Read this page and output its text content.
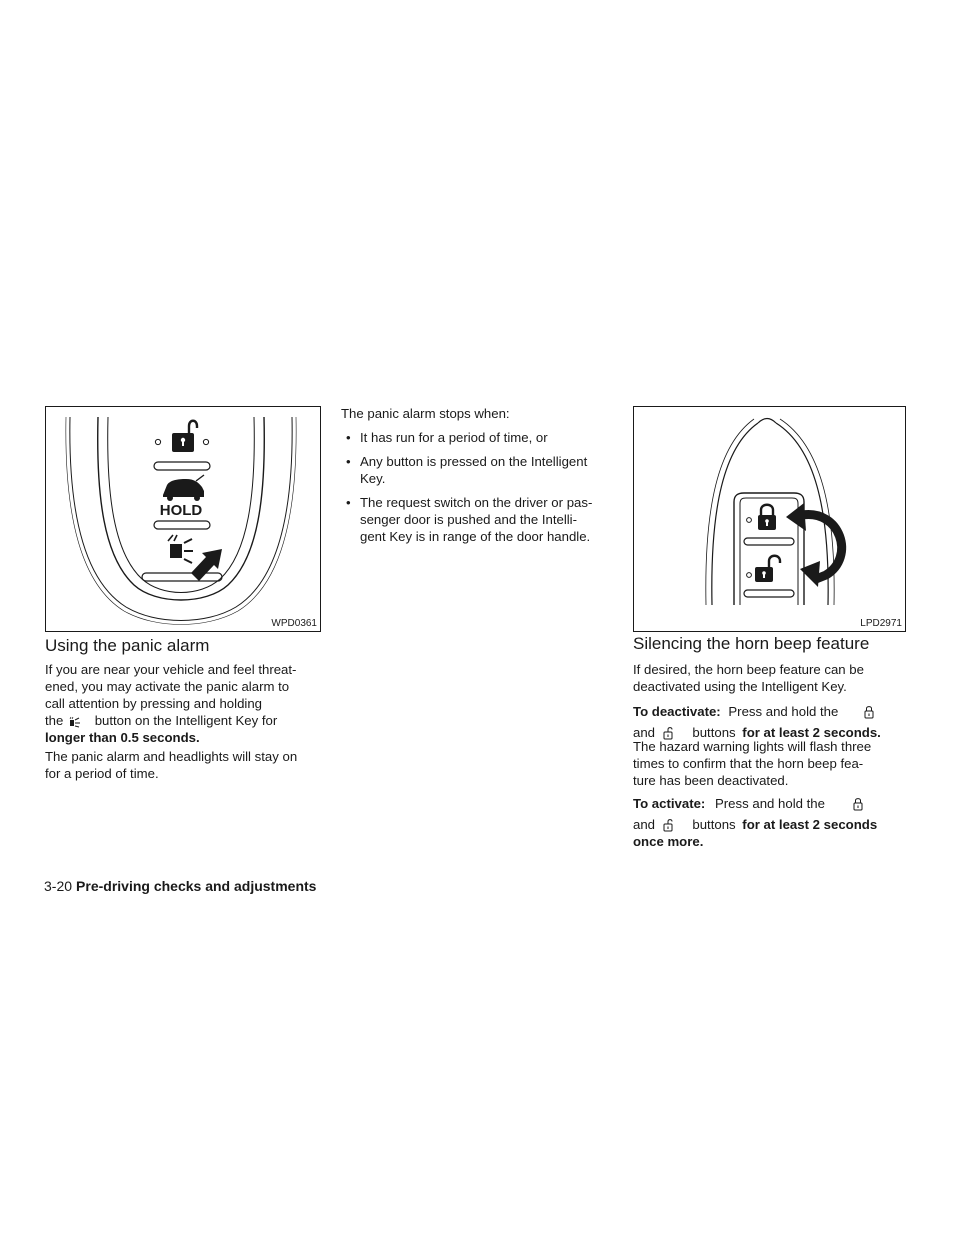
HOLD
WPD0361
Using the panic alarm
If you are near your vehicle and feel threat-
ened, you may activate the panic alarm to
call attention by pressing and holding
the button on the Intelligent Key for
longer than 0.5 seconds.
The panic alarm and headlights will stay on
for a period of time.
The panic alarm stops when:
• It has run for a period of time, or
• Any button is pressed on the Intelligent
Key.
• The request switch on the driver or pas-
senger door is pushed and the Intelli-
gent Key is in range of the door handle.
LPD2971
Silencing the horn beep feature
If desired, the horn beep feature can be
deactivated using the Intelligent Key.
To deactivate: Press and hold the
and	buttons for at least 2 seconds.
The hazard warning lights will flash three
times to confirm that the horn beep fea-
ture has been deactivated.
To activate: Press and hold the
and	buttons for at least 2 seconds
once more.
3-20 Pre-driving checks and adjustments
